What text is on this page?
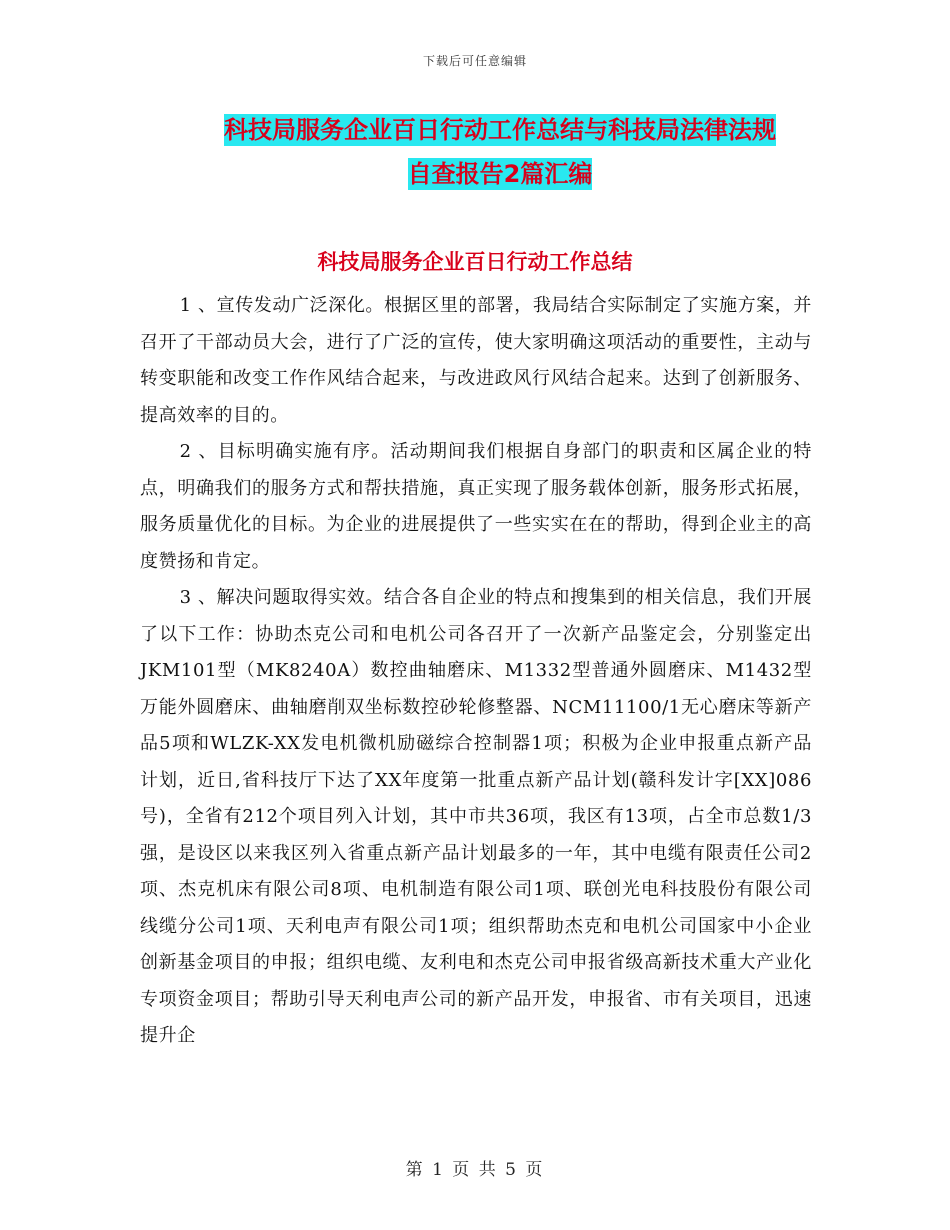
下载后可任意编辑
科技局服务企业百日行动工作总结与科技局法律法规
自查报告2篇汇编
科技局服务企业百日行动工作总结

1 、宣传发动广泛深化。根据区里的部署，我局结合实际制定了实施方案，并召开了干部动员大会，进行了广泛的宣传，使大家明确这项活动的重要性，主动与转变职能和改变工作作风结合起来，与改进政风行风结合起来。达到了创新服务、提高效率的目的。

2 、目标明确实施有序。活动期间我们根据自身部门的职责和区属企业的特点，明确我们的服务方式和帮扶措施，真正实现了服务载体创新，服务形式拓展，服务质量优化的目标。为企业的进展提供了一些实实在在的帮助，得到企业主的高度赞扬和肯定。

3 、解决问题取得实效。结合各自企业的特点和搜集到的相关信息，我们开展了以下工作：协助杰克公司和电机公司各召开了一次新产品鉴定会，分别鉴定出JKM101型（MK8240A）数控曲轴磨床、M1332型普通外圆磨床、M1432型万能外圆磨床、曲轴磨削双坐标数控砂轮修整器、NCM11100/1无心磨床等新产品5项和WLZK-XX发电机微机励磁综合控制器1项；积极为企业申报重点新产品计划，近日,省科技厅下达了XX年度第一批重点新产品计划(赣科发计字[XX]086号)，全省有212个项目列入计划，其中市共36项，我区有13项，占全市总数1/3强，是设区以来我区列入省重点新产品计划最多的一年，其中电缆有限责任公司2项、杰克机床有限公司8项、电机制造有限公司1项、联创光电科技股份有限公司线缆分公司1项、天利电声有限公司1项；组织帮助杰克和电机公司国家中小企业创新基金项目的申报；组织电缆、友利电和杰克公司申报省级高新技术重大产业化专项资金项目；帮助引导天利电声公司的新产品开发，申报省、市有关项目，迅速提升企

第 1 页 共 5 页
